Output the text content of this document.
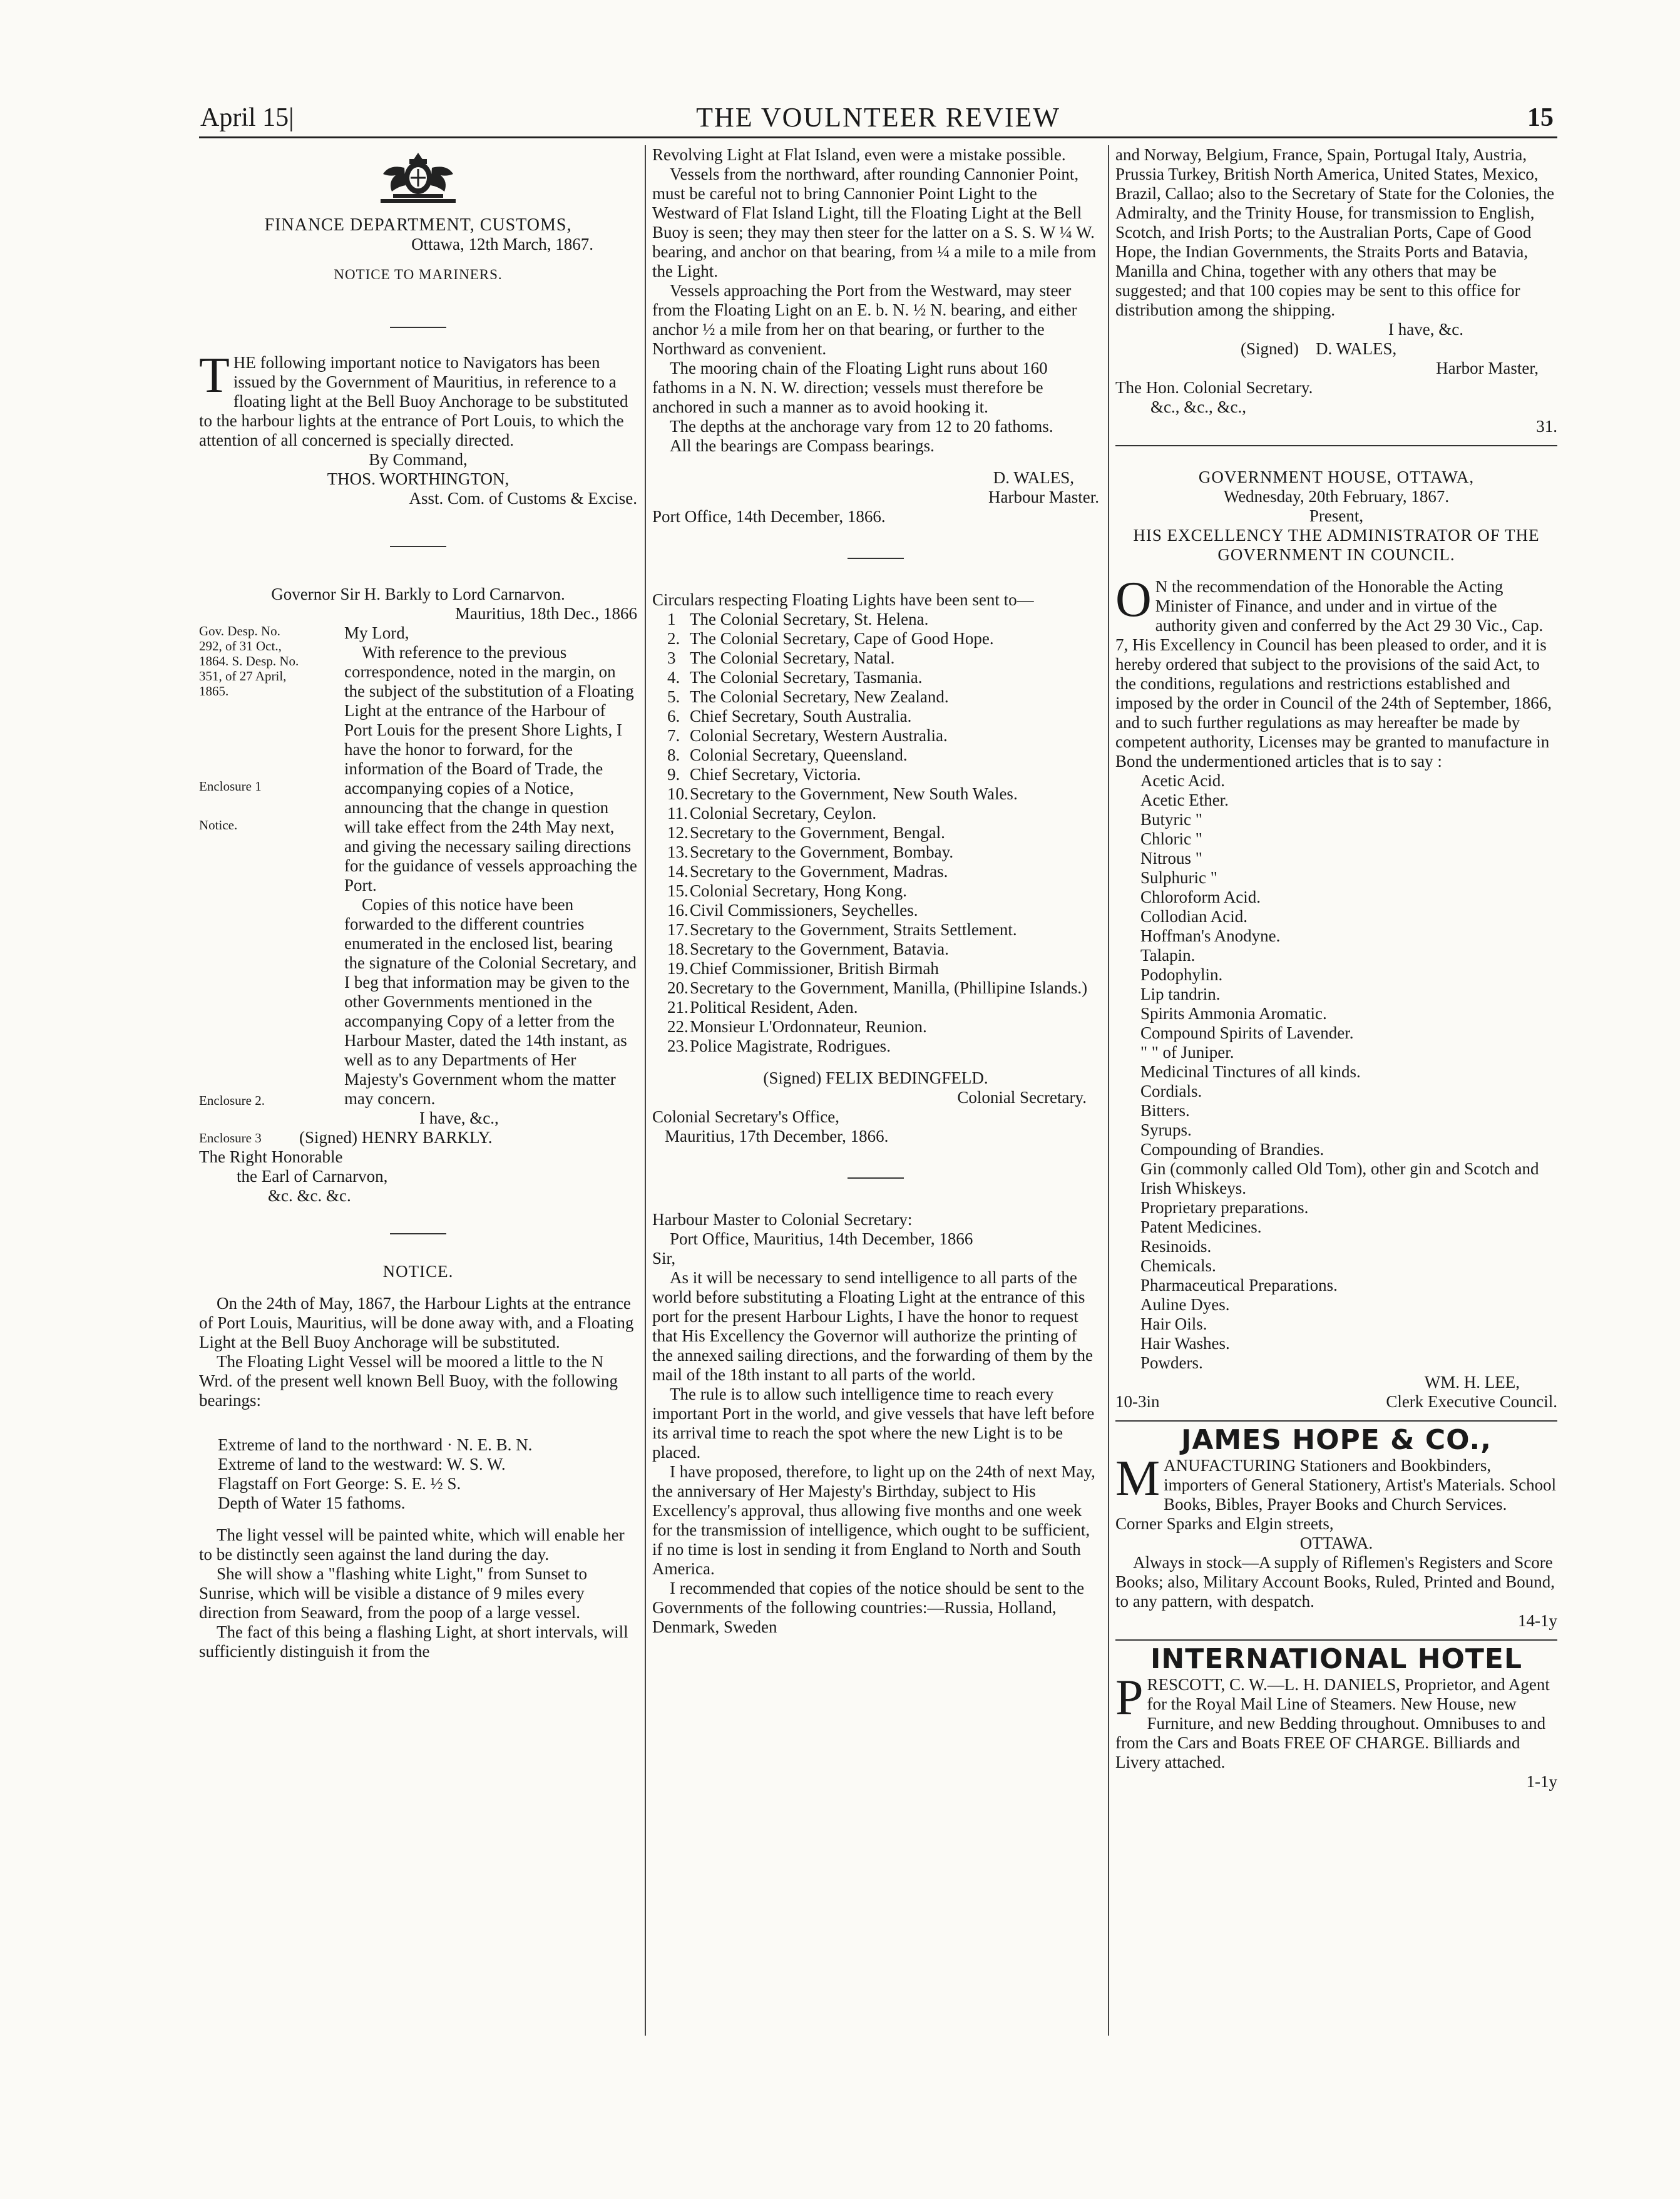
April 15|	THE VOULNTEER REVIEW	15

FINANCE DEPARTMENT, CUSTOMS,

Ottawa, 12th March, 1867.

NOTICE TO MARINERS.

THE following important notice to Navigators has been issued by the Government of Mauritius, in reference to a floating light at the Bell Buoy Anchorage to be substituted to the harbour lights at the entrance of Port Louis, to which the attention of all concerned is specially directed.

By Command,

THOS. WORTHINGTON,

Asst. Com. of Customs & Excise.

Governor Sir H. Barkly to Lord Carnarvon.

Mauritius, 18th Dec., 1866

Gov. Desp. No. 292, of 31 Oct., 1864. S. Desp. No. 351, of 27 April, 1865.
Enclosure 1
Notice.
Enclosure 2.
Enclosure 3

My Lord,

With reference to the previous correspondence, noted in the margin, on the subject of the substitution of a Floating Light at the entrance of the Harbour of Port Louis for the present Shore Lights, I have the honor to forward, for the information of the Board of Trade, the accompanying copies of a Notice, announcing that the change in question will take effect from the 24th May next, and giving the necessary sailing directions for the guidance of vessels approaching the Port.

Copies of this notice have been forwarded to the different countries enumerated in the enclosed list, bearing the signature of the Colonial Secretary, and I beg that information may be given to the other Governments mentioned in the accompanying Copy of a letter from the Harbour Master, dated the 14th instant, as well as to any Departments of Her Majesty's Government whom the matter may concern.

I have, &c.,

(Signed) HENRY BARKLY.

The Right Honorable

the Earl of Carnarvon,

&c. &c. &c.

NOTICE.

On the 24th of May, 1867, the Harbour Lights at the entrance of Port Louis, Mauritius, will be done away with, and a Floating Light at the Bell Buoy Anchorage will be substituted.

The Floating Light Vessel will be moored a little to the N Wrd. of the present well known Bell Buoy, with the following bearings:

Extreme of land to the northward · N. E. B. N.

Extreme of land to the westward: W. S. W.

Flagstaff on Fort George: S. E. ½ S.

Depth of Water 15 fathoms.

The light vessel will be painted white, which will enable her to be distinctly seen against the land during the day.

She will show a "flashing white Light," from Sunset to Sunrise, which will be visible a distance of 9 miles every direction from Seaward, from the poop of a large vessel.

The fact of this being a flashing Light, at short intervals, will sufficiently distinguish it from the

Revolving Light at Flat Island, even were a mistake possible.

Vessels from the northward, after rounding Cannonier Point, must be careful not to bring Cannonier Point Light to the Westward of Flat Island Light, till the Floating Light at the Bell Buoy is seen; they may then steer for the latter on a S. S. W ¼ W. bearing, and anchor on that bearing, from ¼ a mile to a mile from the Light.

Vessels approaching the Port from the Westward, may steer from the Floating Light on an E. b. N. ½ N. bearing, and either anchor ½ a mile from her on that bearing, or further to the Northward as convenient.

The mooring chain of the Floating Light runs about 160 fathoms in a N. N. W. direction; vessels must therefore be anchored in such a manner as to avoid hooking it.

The depths at the anchorage vary from 12 to 20 fathoms.

All the bearings are Compass bearings.

D. WALES,

Harbour Master.

Port Office, 14th December, 1866.

Circulars respecting Floating Lights have been sent to—

1 The Colonial Secretary, St. Helena.
2. The Colonial Secretary, Cape of Good Hope.
3 The Colonial Secretary, Natal.
4. The Colonial Secretary, Tasmania.
5. The Colonial Secretary, New Zealand.
6. Chief Secretary, South Australia.
7. Colonial Secretary, Western Australia.
8. Colonial Secretary, Queensland.
9. Chief Secretary, Victoria.
10.Secretary to the Government, New South Wales.
11. Colonial Secretary, Ceylon.
12.Secretary to the Government, Bengal.
13.Secretary to the Government, Bombay.
14.Secretary to the Government, Madras.
15.Colonial Secretary, Hong Kong.
16.Civil Commissioners, Seychelles.
17.Secretary to the Government, Straits Settlement.
18.Secretary to the Government, Batavia.
19.Chief Commissioner, British Birmah
20.Secretary to the Government, Manilla, (Phillipine Islands.)
21.Political Resident, Aden.
22.Monsieur L'Ordonnateur, Reunion.
23.Police Magistrate, Rodrigues.

(Signed) FELIX BEDINGFELD.

Colonial Secretary.

Colonial Secretary's Office,

Mauritius, 17th December, 1866.

Harbour Master to Colonial Secretary:

Port Office, Mauritius, 14th December, 1866

Sir,

As it will be necessary to send intelligence to all parts of the world before substituting a Floating Light at the entrance of this port for the present Harbour Lights, I have the honor to request that His Excellency the Governor will authorize the printing of the annexed sailing directions, and the forwarding of them by the mail of the 18th instant to all parts of the world.

The rule is to allow such intelligence time to reach every important Port in the world, and give vessels that have left before its arrival time to reach the spot where the new Light is to be placed.

I have proposed, therefore, to light up on the 24th of next May, the anniversary of Her Majesty's Birthday, subject to His Excellency's approval, thus allowing five months and one week for the transmission of intelligence, which ought to be sufficient, if no time is lost in sending it from England to North and South America.

I recommended that copies of the notice should be sent to the Governments of the following countries:—Russia, Holland, Denmark, Sweden

and Norway, Belgium, France, Spain, Portugal Italy, Austria, Prussia Turkey, British North America, United States, Mexico, Brazil, Callao; also to the Secretary of State for the Colonies, the Admiralty, and the Trinity House, for transmission to English, Scotch, and Irish Ports; to the Australian Ports, Cape of Good Hope, the Indian Governments, the Straits Ports and Batavia, Manilla and China, together with any others that may be suggested; and that 100 copies may be sent to this office for distribution among the shipping.

I have, &c.

(Signed) D. WALES,

Harbor Master,

The Hon. Colonial Secretary.

&c., &c., &c.,

31.

GOVERNMENT HOUSE, OTTAWA,

Wednesday, 20th February, 1867.

Present,

HIS EXCELLENCY THE ADMINISTRATOR OF THE GOVERNMENT IN COUNCIL.

O N the recommendation of the Honorable the Acting Minister of Finance, and under and in virtue of the authority given and conferred by the Act 29 30 Vic., Cap. 7, His Excellency in Council has been pleased to order, and it is hereby ordered that subject to the provisions of the said Act, to the conditions, regulations and restrictions established and imposed by the order in Council of the 24th of September, 1866, and to such further regulations as may hereafter be made by competent authority, Licenses may be granted to manufacture in Bond the undermentioned articles that is to say :

Acetic Acid.

Acetic Ether.

Butyric "

Chloric "

Nitrous "

Sulphuric "

Chloroform Acid.

Collodian Acid.

Hoffman's Anodyne.

Talapin.

Podophylin.

Lip tandrin.

Spirits Ammonia Aromatic.

Compound Spirits of Lavender.

" " of Juniper.

Medicinal Tinctures of all kinds.

Cordials.

Bitters.

Syrups.

Compounding of Brandies.

Gin (commonly called Old Tom), other gin and Scotch and Irish Whiskeys.

Proprietary preparations.

Patent Medicines.

Resinoids.

Chemicals.

Pharmaceutical Preparations.

Auline Dyes.

Hair Oils.

Hair Washes.

Powders.

WM. H. LEE,

10-3in	Clerk Executive Council.

JAMES HOPE & CO.,

MANUFACTURING Stationers and Bookbinders, importers of General Stationery, Artist's Materials. School Books, Bibles, Prayer Books and Church Services. Corner Sparks and Elgin streets,

OTTAWA.

Always in stock—A supply of Riflemen's Registers and Score Books; also, Military Account Books, Ruled, Printed and Bound, to any pattern, with despatch.

14-1y

INTERNATIONAL HOTEL

PRESCOTT, C. W.—L. H. DANIELS, Proprietor, and Agent for the Royal Mail Line of Steamers. New House, new Furniture, and new Bedding throughout. Omnibuses to and from the Cars and Boats FREE OF CHARGE. Billiards and Livery attached.

1-1y
